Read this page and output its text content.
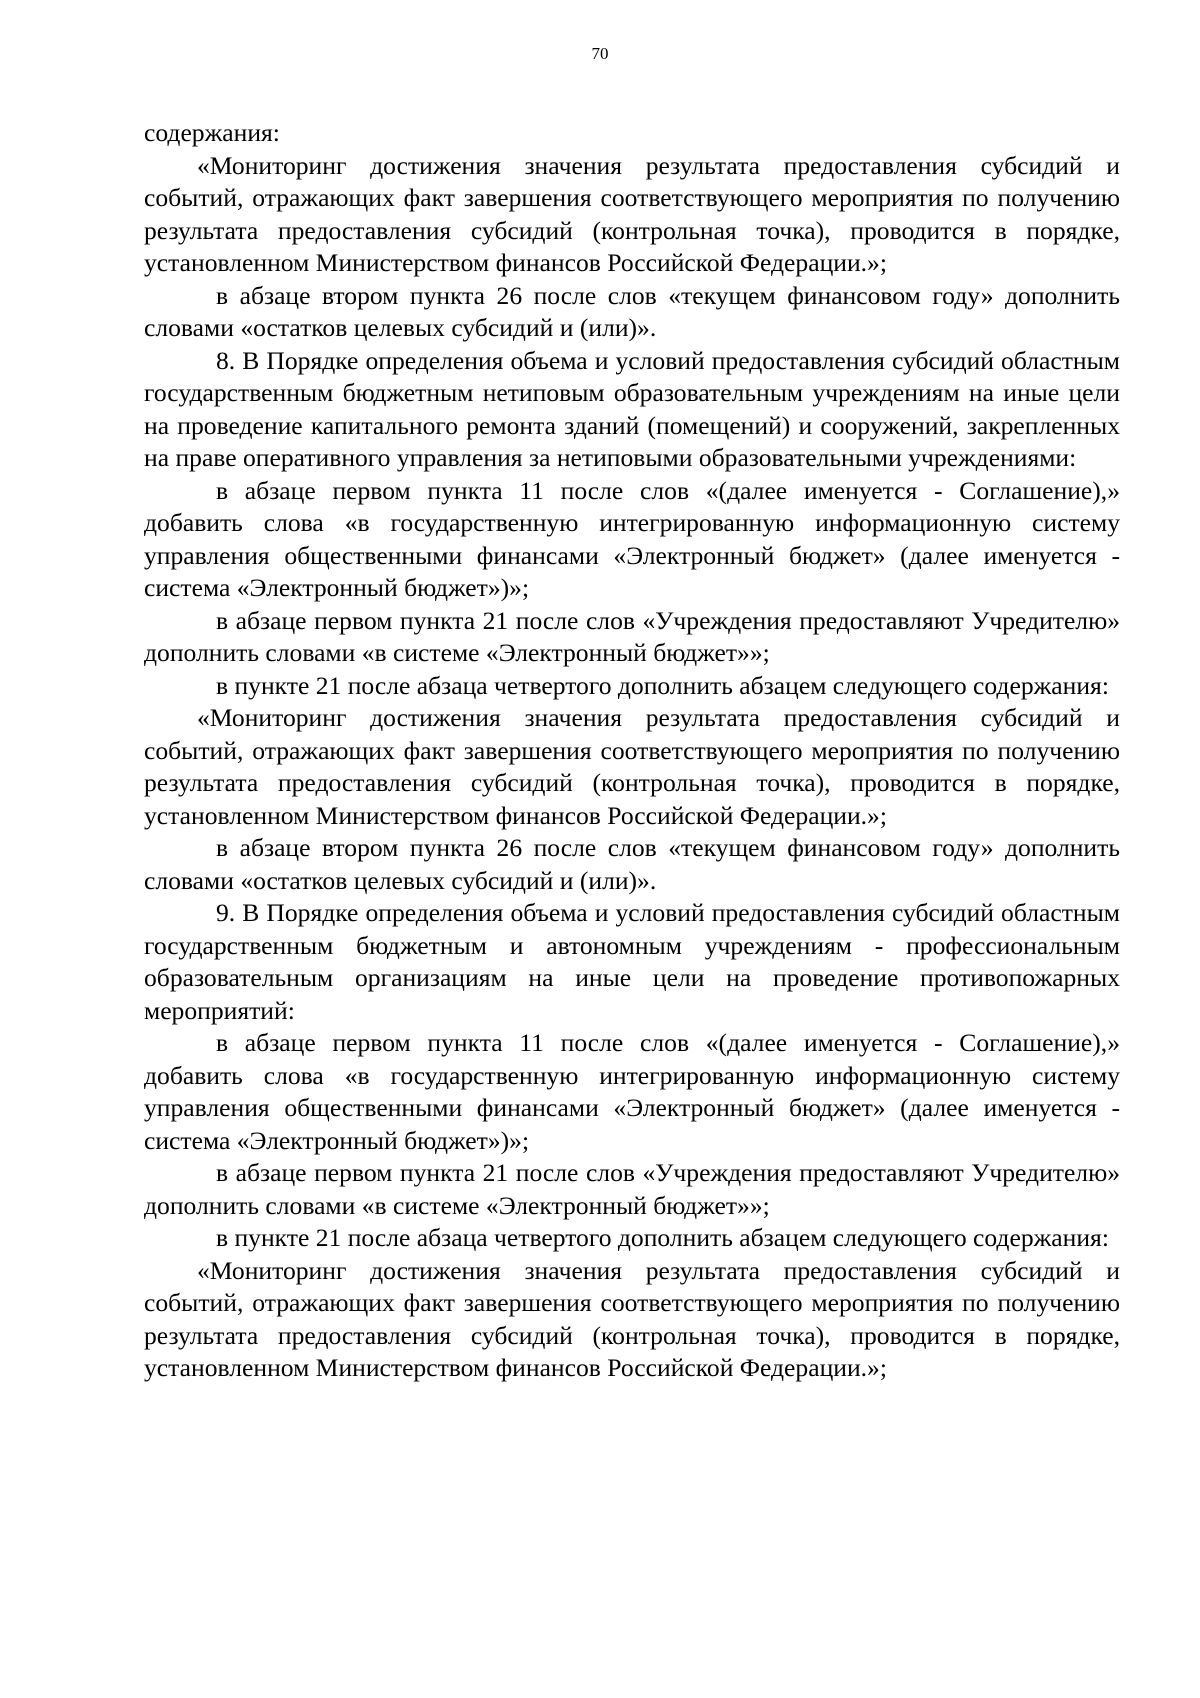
70

содержания:

«Мониторинг достижения значения результата предоставления субсидий и событий, отражающих факт завершения соответствующего мероприятия по получению результата предоставления субсидий (контрольная точка), проводится в порядке, установленном Министерством финансов Российской Федерации.»;

в абзаце втором пункта 26 после слов «текущем финансовом году» дополнить словами «остатков целевых субсидий и (или)».

8. В Порядке определения объема и условий предоставления субсидий областным государственным бюджетным нетиповым образовательным учреждениям на иные цели на проведение капитального ремонта зданий (помещений) и сооружений, закрепленных на праве оперативного управления за нетиповыми образовательными учреждениями:

в абзаце первом пункта 11 после слов «(далее именуется - Соглашение),» добавить слова «в государственную интегрированную информационную систему управления общественными финансами «Электронный бюджет» (далее именуется - система «Электронный бюджет»)»;

в абзаце первом пункта 21 после слов «Учреждения предоставляют Учредителю» дополнить словами «в системе «Электронный бюджет»»;

в пункте 21 после абзаца четвертого дополнить абзацем следующего содержания:

«Мониторинг достижения значения результата предоставления субсидий и событий, отражающих факт завершения соответствующего мероприятия по получению результата предоставления субсидий (контрольная точка), проводится в порядке, установленном Министерством финансов Российской Федерации.»;

в абзаце втором пункта 26 после слов «текущем финансовом году» дополнить словами «остатков целевых субсидий и (или)».

9. В Порядке определения объема и условий предоставления субсидий областным государственным бюджетным и автономным учреждениям - профессиональным образовательным организациям на иные цели на проведение противопожарных мероприятий:

в абзаце первом пункта 11 после слов «(далее именуется - Соглашение),» добавить слова «в государственную интегрированную информационную систему управления общественными финансами «Электронный бюджет» (далее именуется - система «Электронный бюджет»)»;

в абзаце первом пункта 21 после слов «Учреждения предоставляют Учредителю» дополнить словами «в системе «Электронный бюджет»»;

в пункте 21 после абзаца четвертого дополнить абзацем следующего содержания:

«Мониторинг достижения значения результата предоставления субсидий и событий, отражающих факт завершения соответствующего мероприятия по получению результата предоставления субсидий (контрольная точка), проводится в порядке, установленном Министерством финансов Российской Федерации.»;
